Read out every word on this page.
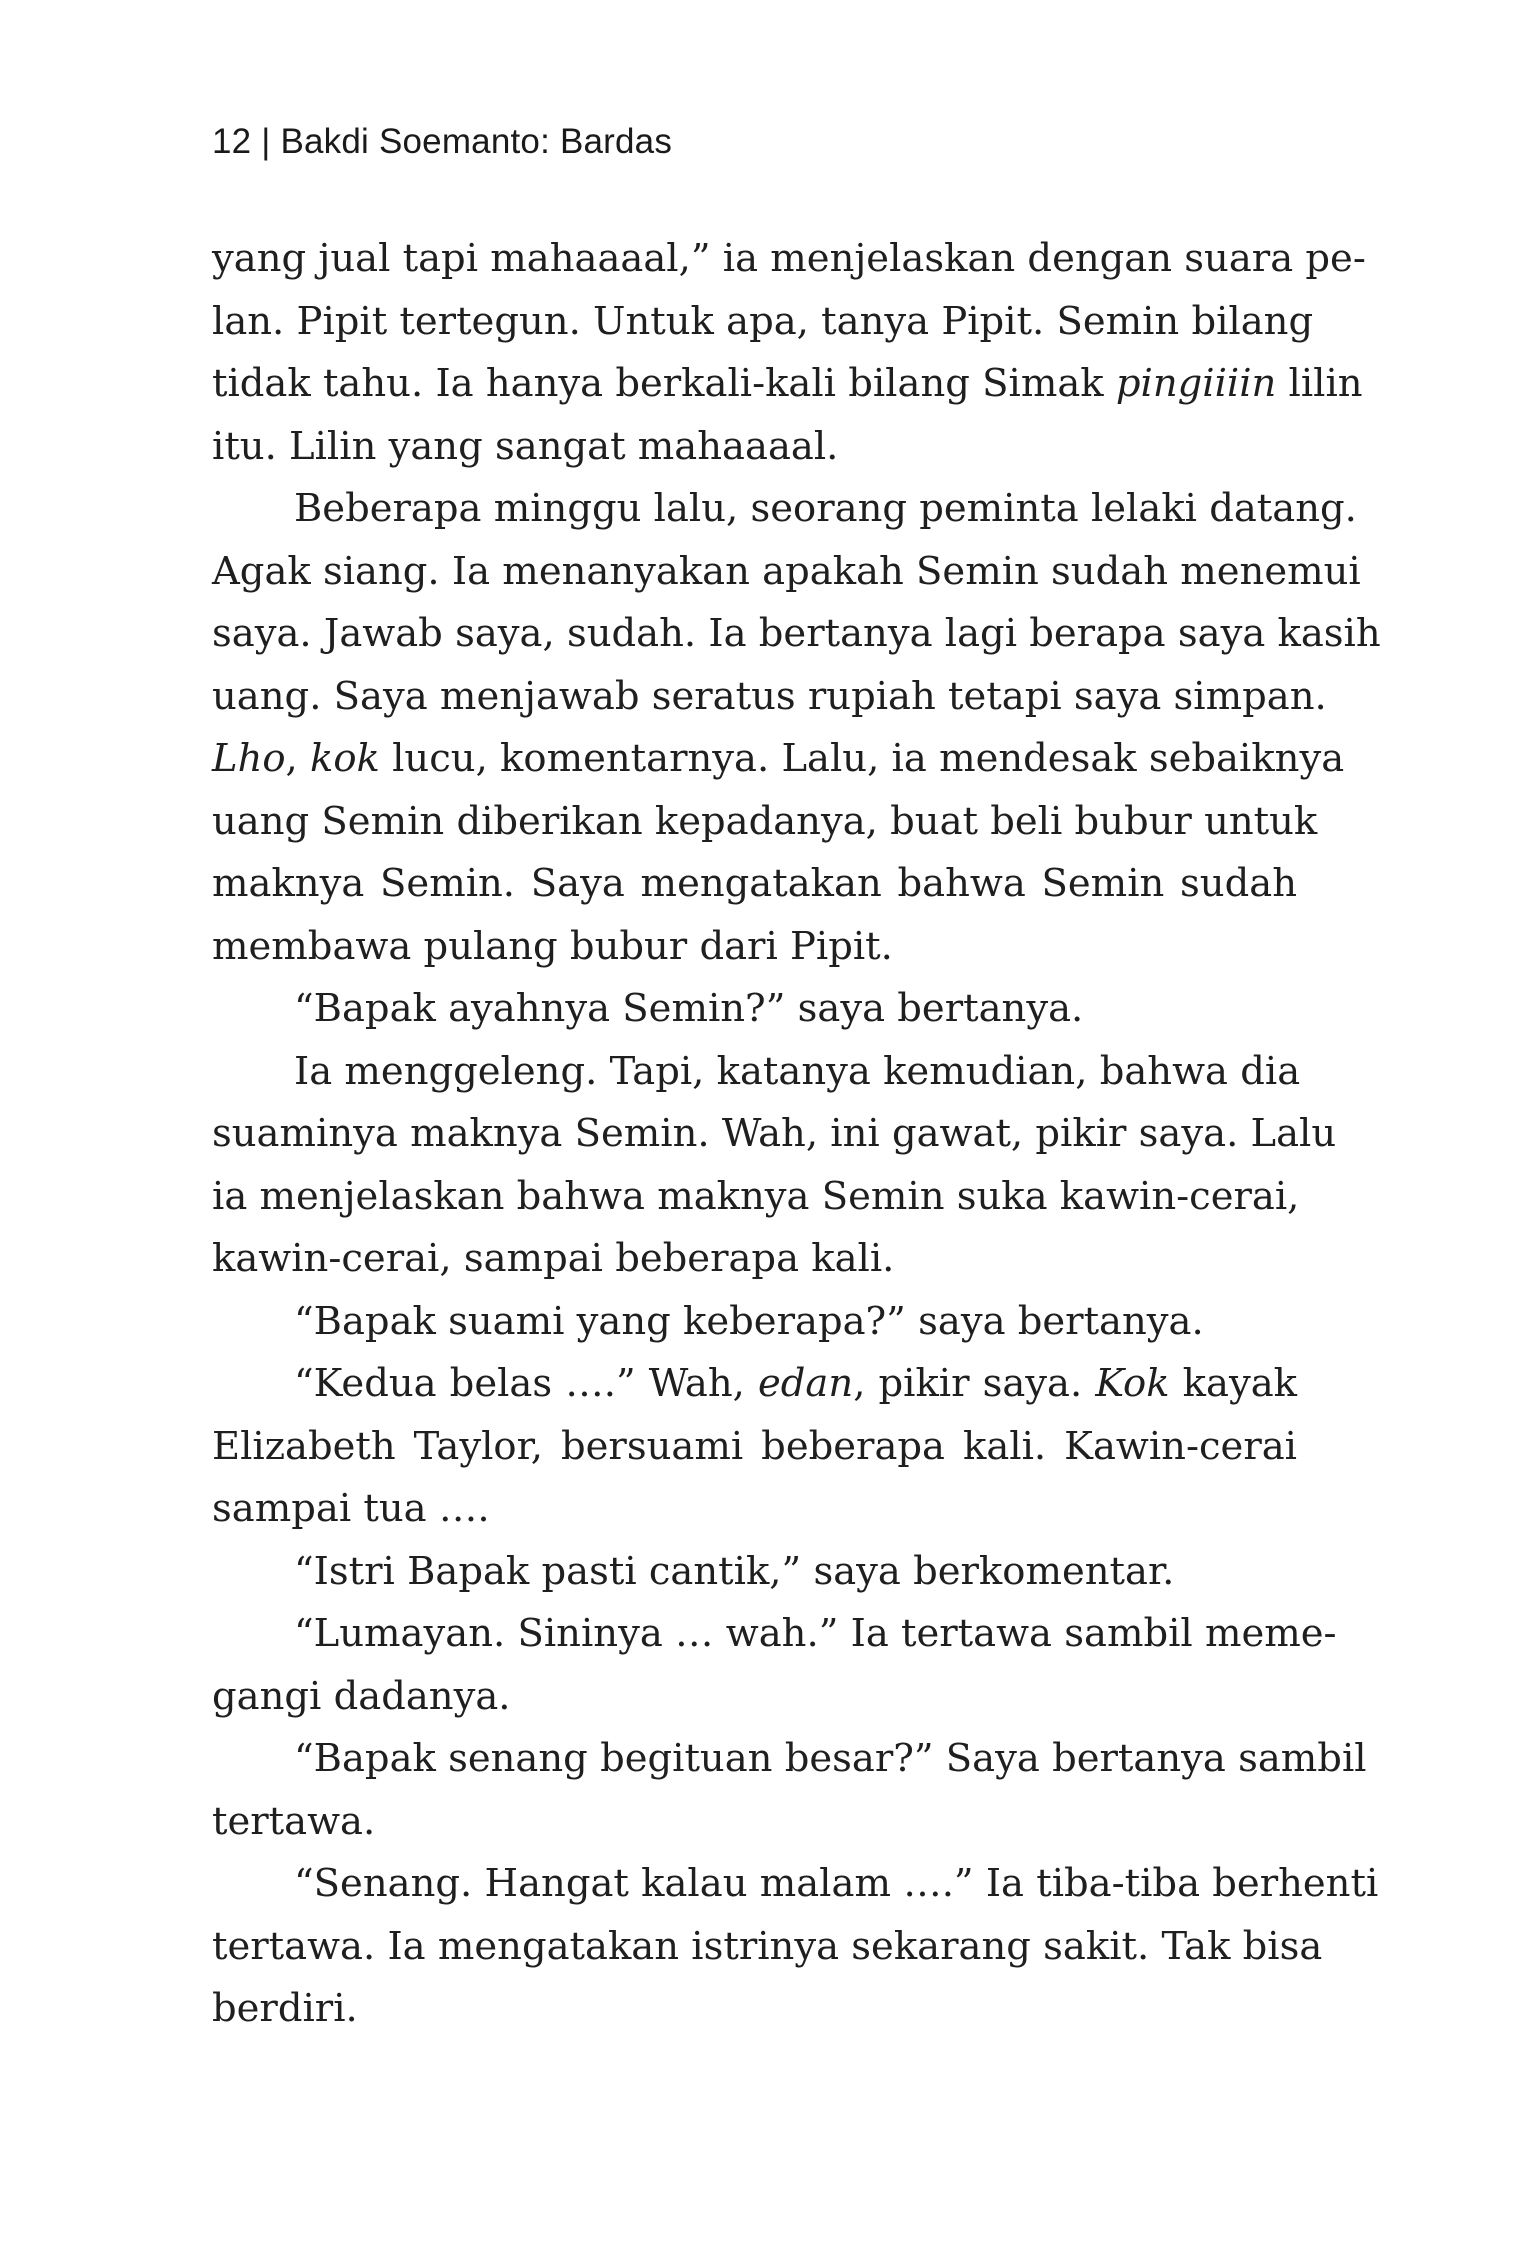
12 | Bakdi Soemanto: Bardas
yang jual tapi mahaaaal,” ia menjelaskan dengan suara pe-
lan. Pipit tertegun. Untuk apa, tanya Pipit. Semin bilang
tidak tahu. Ia hanya berkali-kali bilang Simak pingiiiin lilin
itu. Lilin yang sangat mahaaaal.
Beberapa minggu lalu, seorang peminta lelaki datang.
Agak siang. Ia menanyakan apakah Semin sudah menemui
saya. Jawab saya, sudah. Ia bertanya lagi berapa saya kasih
uang. Saya menjawab seratus rupiah tetapi saya simpan.
Lho, kok lucu, komentarnya. Lalu, ia mendesak sebaiknya
uang Semin diberikan kepadanya, buat beli bubur untuk
maknya Semin. Saya mengatakan bahwa Semin sudah
membawa pulang bubur dari Pipit.
“Bapak ayahnya Semin?” saya bertanya.
Ia menggeleng. Tapi, katanya kemudian, bahwa dia
suaminya maknya Semin. Wah, ini gawat, pikir saya. Lalu
ia menjelaskan bahwa maknya Semin suka kawin-cerai,
kawin-cerai, sampai beberapa kali.
“Bapak suami yang keberapa?” saya bertanya.
“Kedua belas ….” Wah, edan, pikir saya. Kok kayak
Elizabeth Taylor, bersuami beberapa kali. Kawin-cerai
sampai tua ….
“Istri Bapak pasti cantik,” saya berkomentar.
“Lumayan. Sininya … wah.” Ia tertawa sambil meme-
gangi dadanya.
“Bapak senang begituan besar?” Saya bertanya sambil
tertawa.
“Senang. Hangat kalau malam ….” Ia tiba-tiba berhenti
tertawa. Ia mengatakan istrinya sekarang sakit. Tak bisa
berdiri.
